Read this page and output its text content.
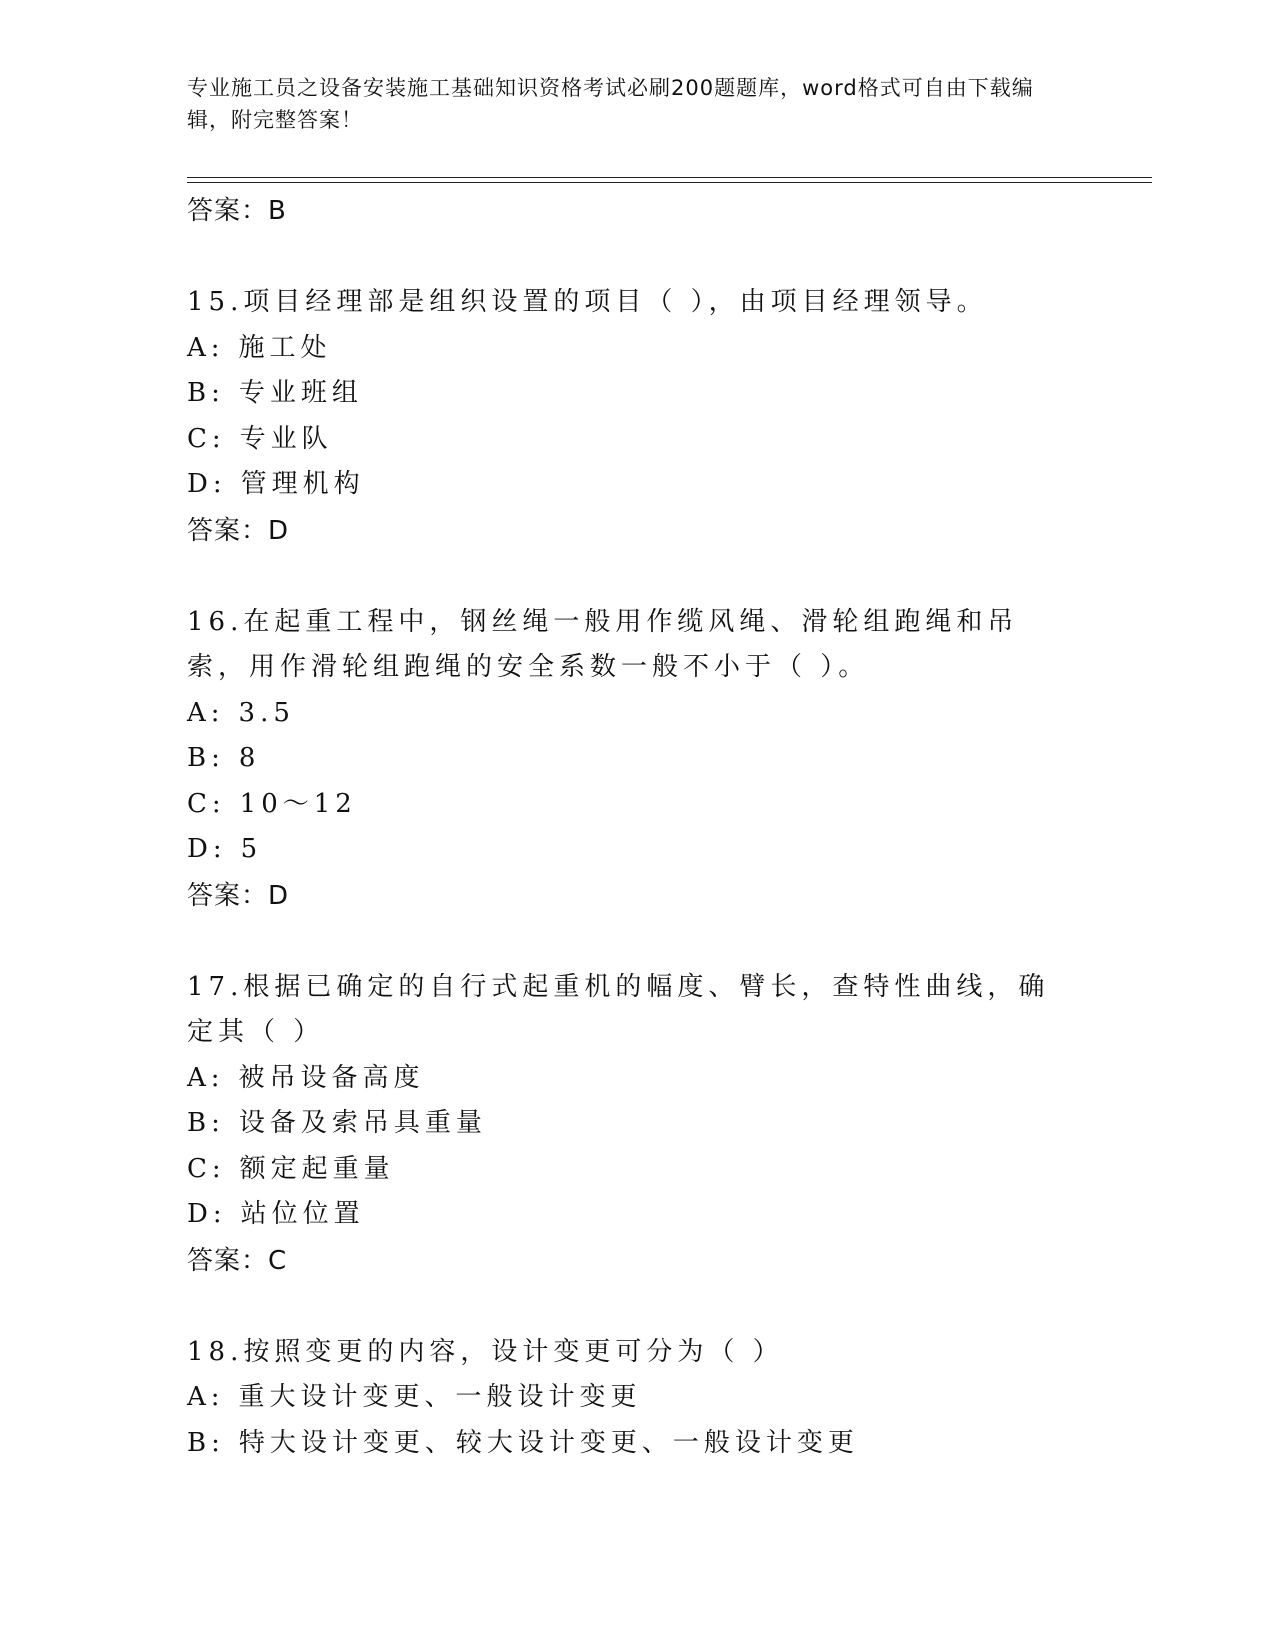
专业施工员之设备安装施工基础知识资格考试必刷200题题库，word格式可自由下载编辑，附完整答案！
答案：B
15.项目经理部是组织设置的项目（ ），由项目经理领导。
A: 施工处
B: 专业班组
C: 专业队
D: 管理机构
答案：D
16.在起重工程中，钢丝绳一般用作缆风绳、滑轮组跑绳和吊索，用作滑轮组跑绳的安全系数一般不小于（ ）。
A: 3.5
B: 8
C: 10～12
D: 5
答案：D
17.根据已确定的自行式起重机的幅度、臂长，查特性曲线，确定其（ ）
A: 被吊设备高度
B: 设备及索吊具重量
C: 额定起重量
D: 站位位置
答案：C
18.按照变更的内容，设计变更可分为（ ）
A: 重大设计变更、一般设计变更
B: 特大设计变更、较大设计变更、一般设计变更
